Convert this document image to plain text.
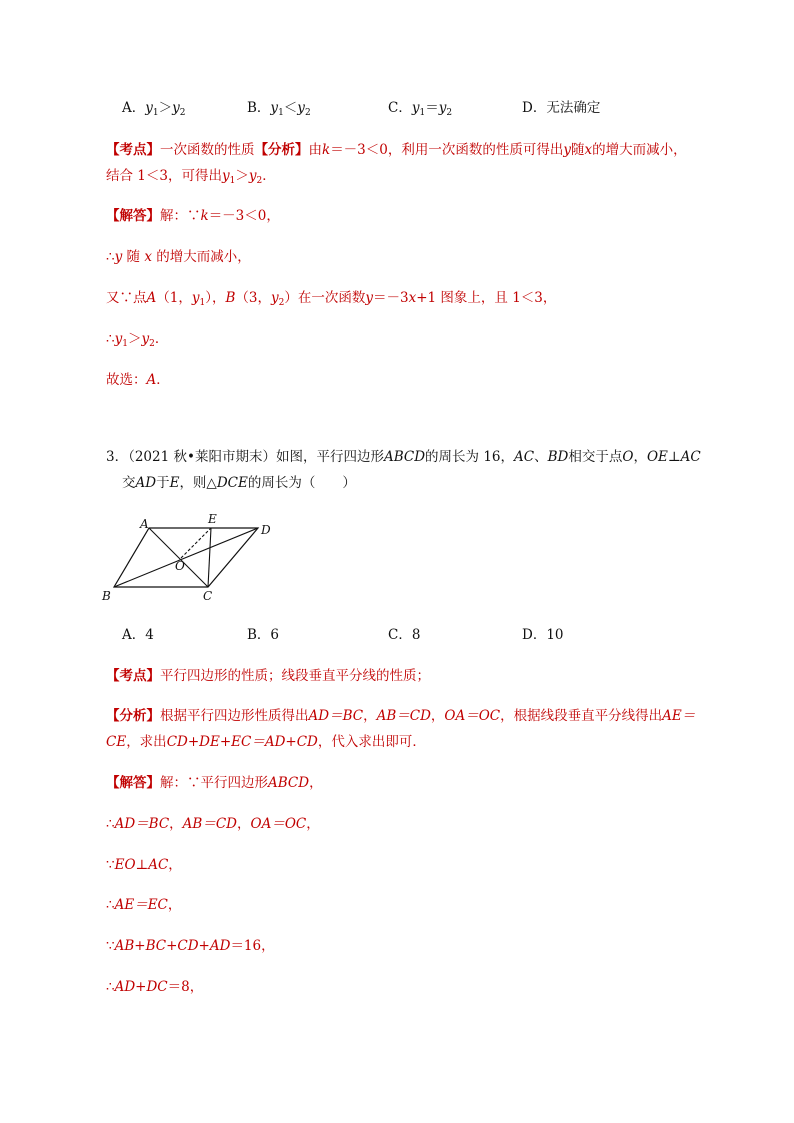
A．$y_1>y_2$	B．$y_1<y_2$	C．$y_1=y_2$	D．无法确定
【考点】一次函数的性质【分析】由k＝－3＜0，利用一次函数的性质可得出y随x的增大而减小，
结合 1＜3，可得出$y_1>y_2$．
【解答】解：∵k＝－3＜0，
∴y 随 x 的增大而减小，
又∵点A（1，$y_1$），B（3，$y_2$）在一次函数y＝－3x+1 图象上，且 1＜3，
$\therefore y_1>y_2$．
故选：A．
3．（2021 秋•莱阳市期末）如图，平行四边形ABCD的周长为 16，AC、BD相交于点O，OE⊥AC
交AD于E，则△DCE的周长为（　　）
A	E
D
O
B	C
A．4	B．6	C．8	D．10
【考点】平行四边形的性质；线段垂直平分线的性质；
【分析】根据平行四边形性质得出AD＝BC，AB＝CD，OA＝OC，根据线段垂直平分线得出AE＝
CE，求出CD+DE+EC＝AD+CD，代入求出即可．
【解答】解：∵平行四边形ABCD，
∴AD＝BC，AB＝CD，OA＝OC，
∵EO⊥AC，
∴AE＝EC，
∵AB+BC+CD+AD＝16，
∴AD+DC＝8，
